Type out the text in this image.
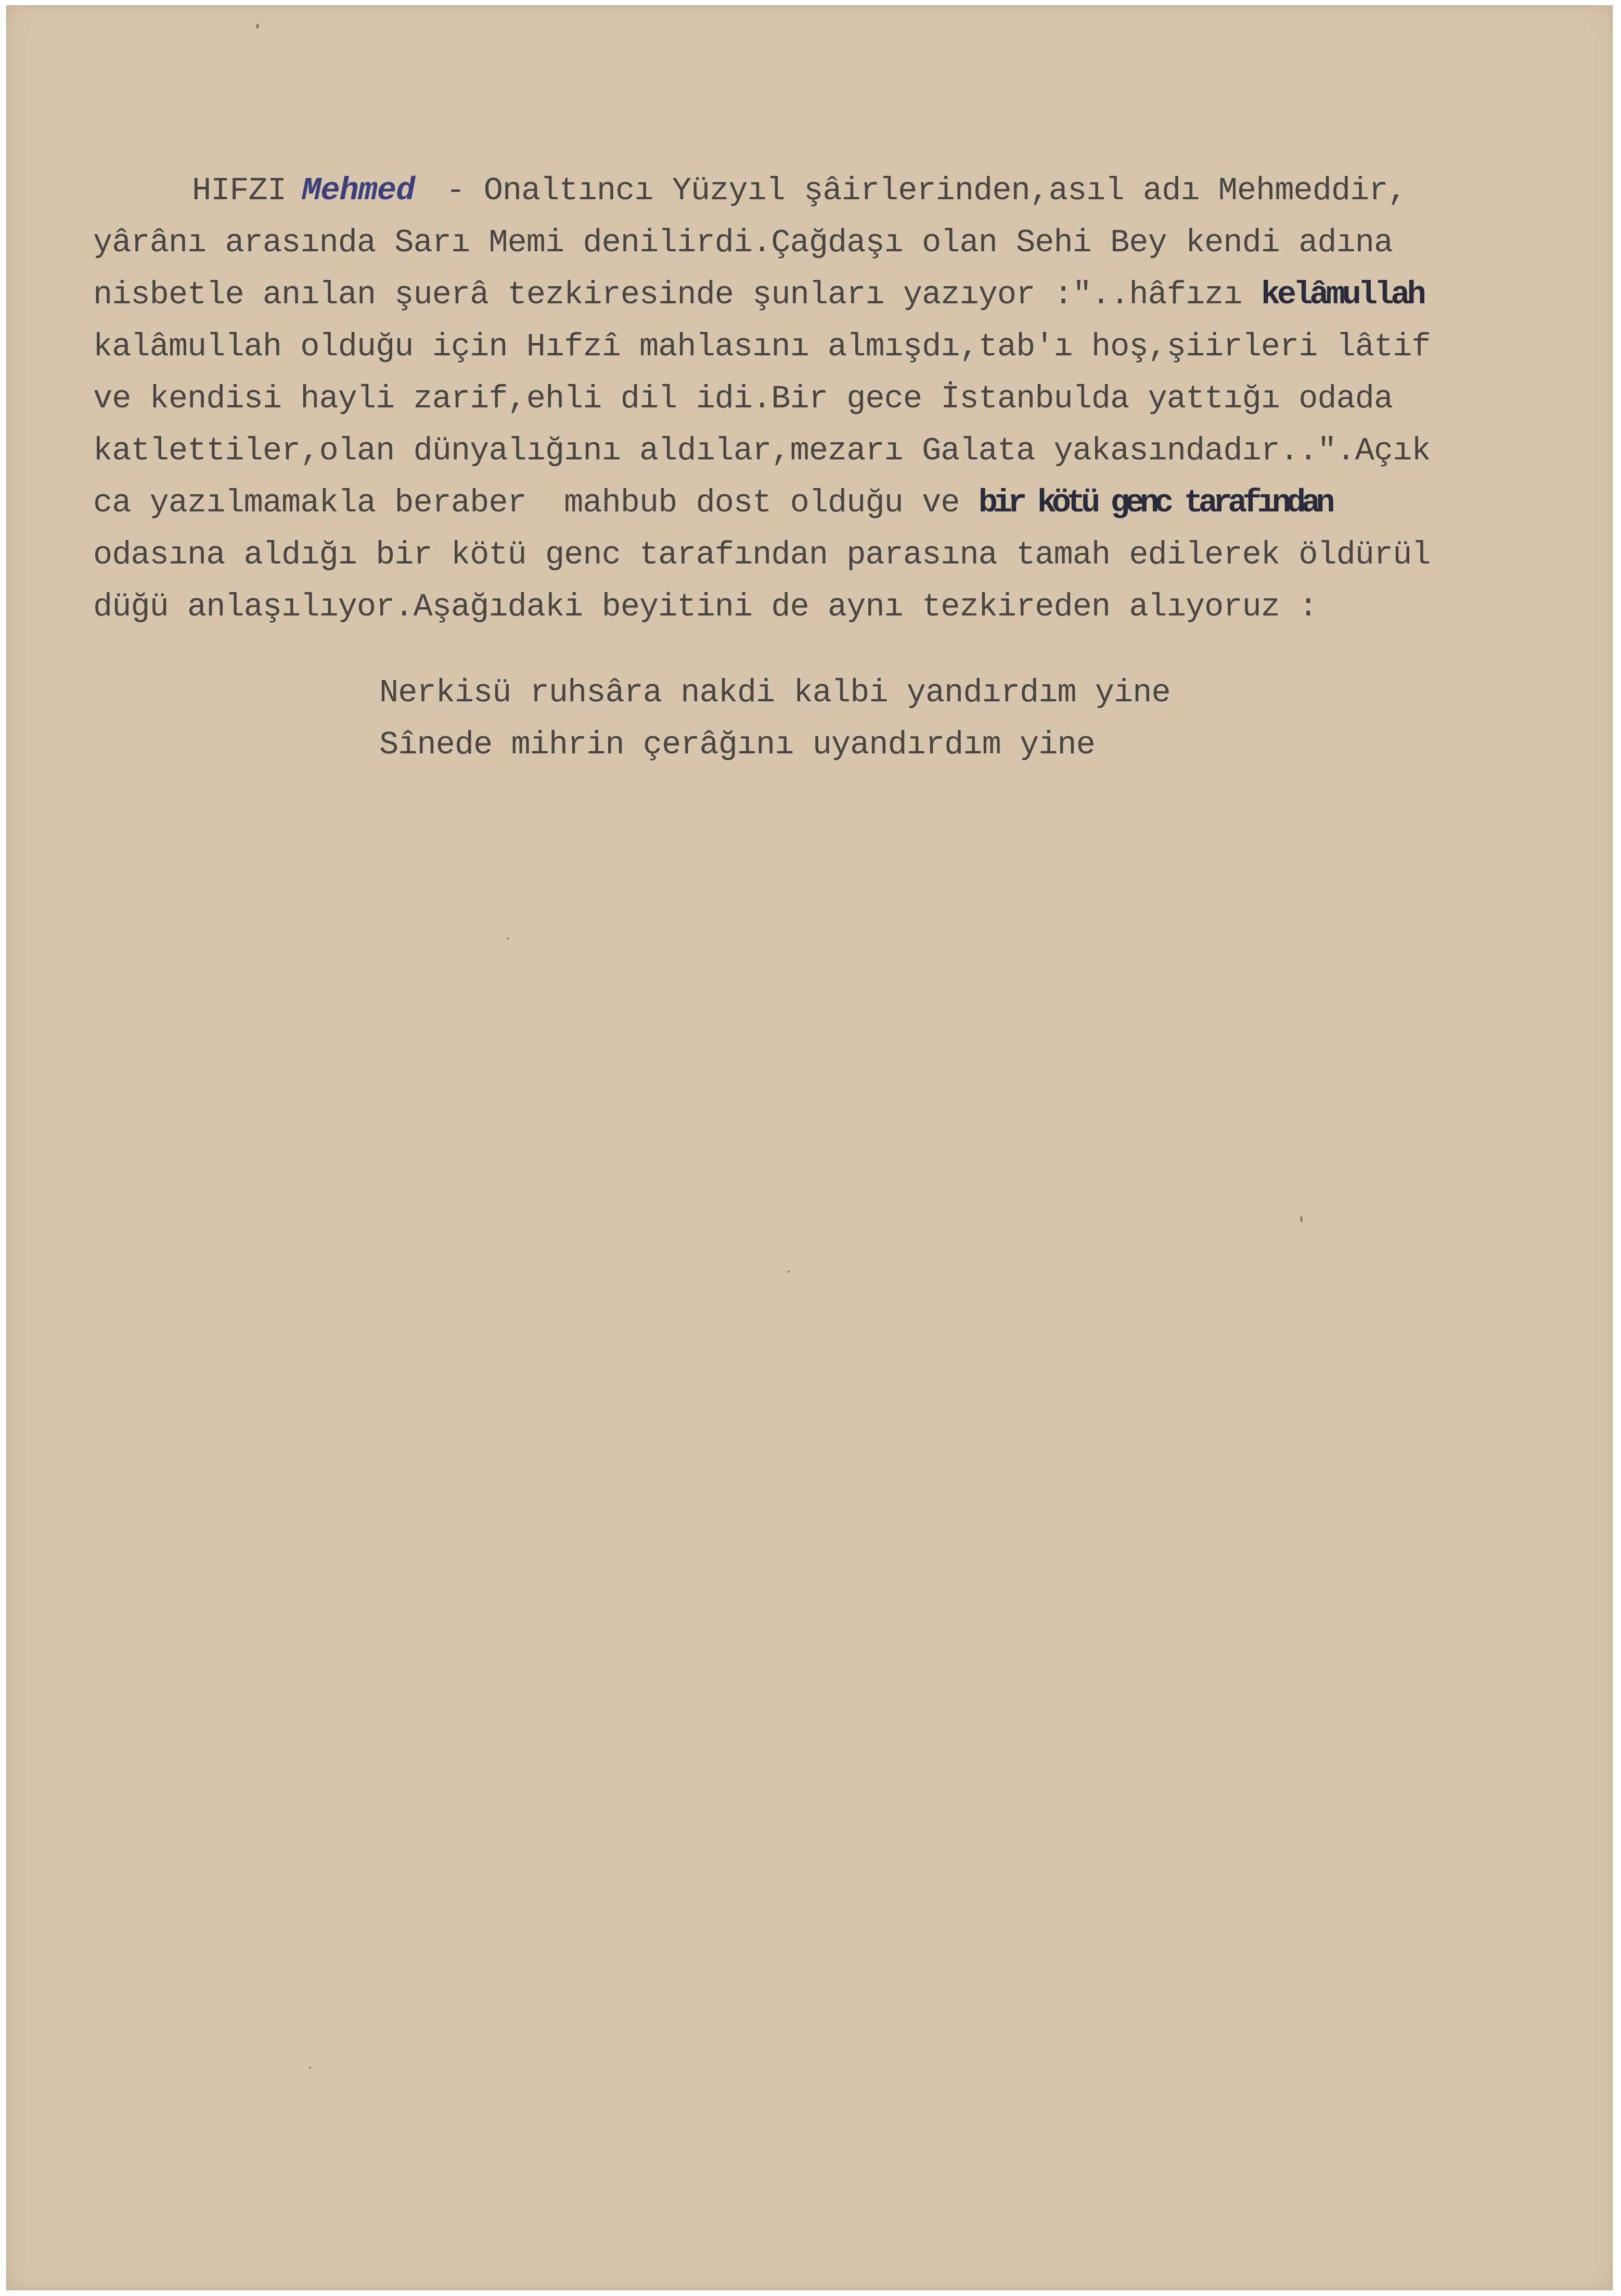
HIFZI Mehmed - Onaltıncı Yüzyıl şâirlerinden,asıl adı Mehmeddir,
yârânı arasında Sarı Memi denilirdi.Çağdaşı olan Sehi Bey kendi adına
nisbetle anılan şuerâ tezkiresinde şunları yazıyor :"..hâfızı kelâmullah
kalâmullah olduğu için Hıfzî mahlasını almışdı,tab'ı hoş,şiirleri lâtif
ve kendisi hayli zarif,ehli dil idi.Bir gece İstanbulda yattığı odada
katlettiler,olan dünyalığını aldılar,mezarı Galata yakasındadır..".Açık
ca yazılmamakla beraber  mahbub dost olduğu ve bir kötü genc tarafından
odasına aldığı bir kötü genc tarafından parasına tamah edilerek öldürül
düğü anlaşılıyor.Aşağıdaki beyitini de aynı tezkireden alıyoruz :
Nerkisü ruhsâra nakdi kalbi yandırdım yine
Sînede mihrin çerâğını uyandırdım yine
